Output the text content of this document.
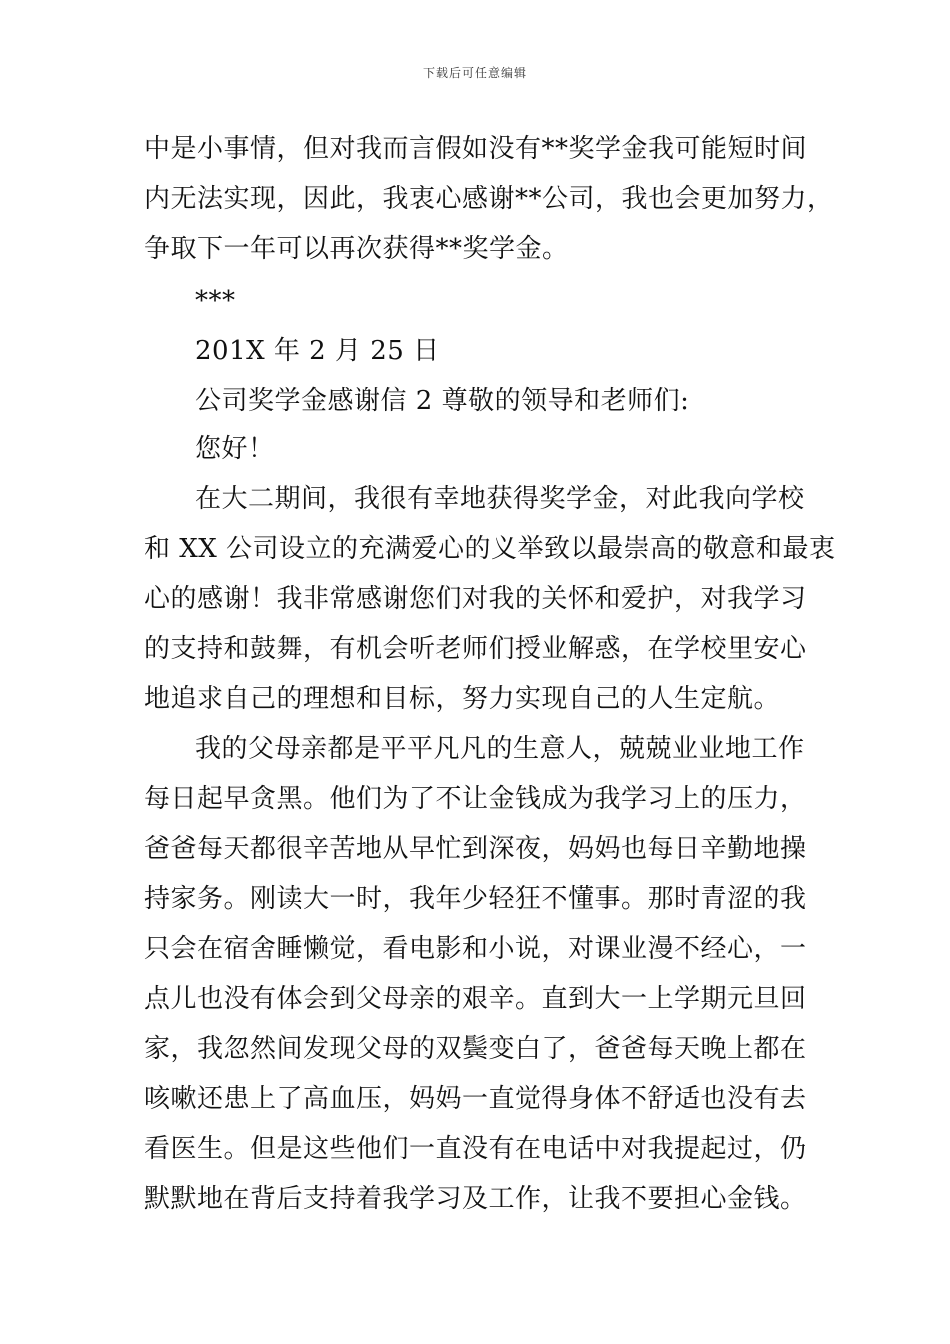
下载后可任意编辑
中是小事情，但对我而言假如没有**奖学金我可能短时间
内无法实现，因此，我衷心感谢**公司，我也会更加努力，
争取下一年可以再次获得**奖学金。
***
201X 年 2 月 25 日
公司奖学金感谢信 2 尊敬的领导和老师们:
您好！
在大二期间，我很有幸地获得奖学金，对此我向学校
和 XX 公司设立的充满爱心的义举致以最崇高的敬意和最衷
心的感谢！我非常感谢您们对我的关怀和爱护，对我学习
的支持和鼓舞，有机会听老师们授业解惑，在学校里安心
地追求自己的理想和目标，努力实现自己的人生定航。
我的父母亲都是平平凡凡的生意人，兢兢业业地工作
每日起早贪黑。他们为了不让金钱成为我学习上的压力，
爸爸每天都很辛苦地从早忙到深夜，妈妈也每日辛勤地操
持家务。刚读大一时，我年少轻狂不懂事。那时青涩的我
只会在宿舍睡懒觉，看电影和小说，对课业漫不经心，一
点儿也没有体会到父母亲的艰辛。直到大一上学期元旦回
家，我忽然间发现父母的双鬓变白了，爸爸每天晚上都在
咳嗽还患上了高血压，妈妈一直觉得身体不舒适也没有去
看医生。但是这些他们一直没有在电话中对我提起过，仍
默默地在背后支持着我学习及工作，让我不要担心金钱。
